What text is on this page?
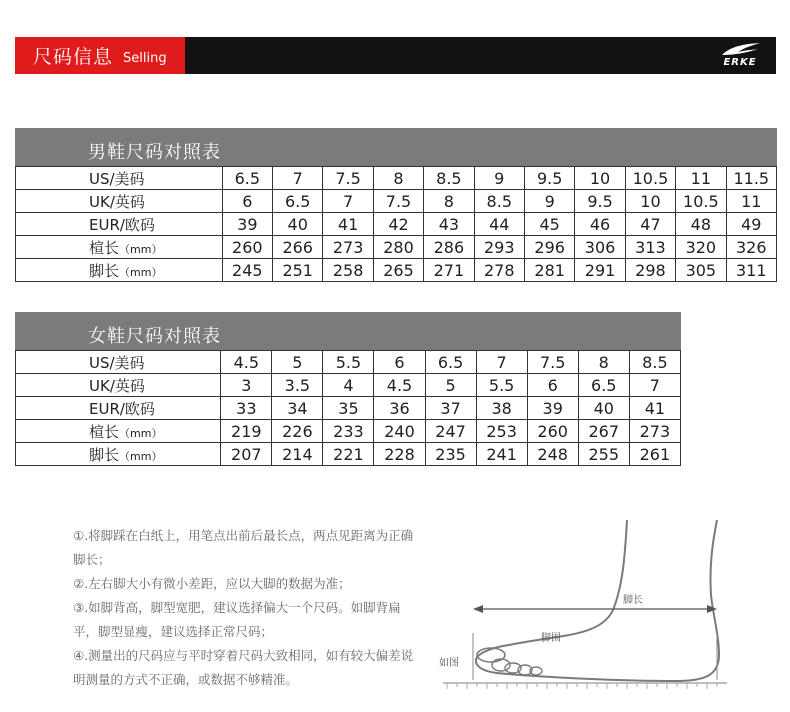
尺码信息 Selling	ERKE
男鞋尺码对照表
US/美码	6.5	7	7.5	8	8.5	9	9.5	10	10.5	11	11.5
UK/英码	6	6.5	7	7.5	8	8.5	9	9.5	10	10.5	11
EUR/欧码	39	40	41	42	43	44	45	46	47	48	49
楦长（mm）	260	266	273	280	286	293	296	306	313	320	326
脚长（mm）	245	251	258	265	271	278	281	291	298	305	311
女鞋尺码对照表
US/美码	4.5	5	5.5	6	6.5	7	7.5	8	8.5
UK/英码	3	3.5	4	4.5	5	5.5	6	6.5	7
EUR/欧码	33	34	35	36	37	38	39	40	41
楦长（mm）	219	226	233	240	247	253	260	267	273
脚长（mm）	207	214	221	228	235	241	248	255	261

①.将脚踩在白纸上，用笔点出前后最长点，两点见距离为正确脚长；

②.左右脚大小有微小差距，应以大脚的数据为准；

③.如脚背高，脚型宽肥，建议选择偏大一个尺码。如脚背扁平，脚型显瘦，建议选择正常尺码；

④.测量出的尺码应与平时穿着尺码大致相同，如有较大偏差说明测量的方式不正确，或数据不够精准。

脚长
脚围
如图
